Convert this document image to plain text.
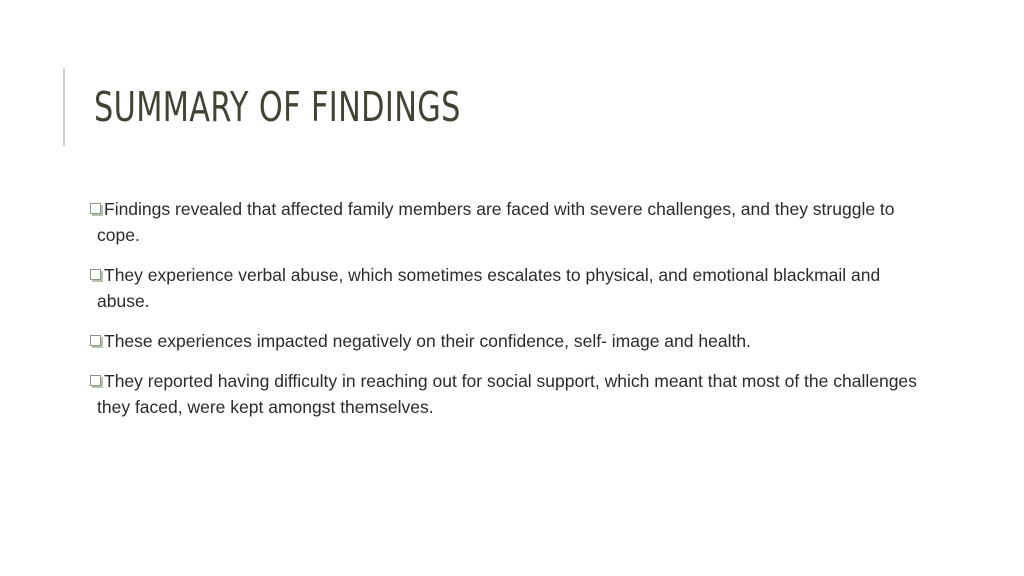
SUMMARY OF FINDINGS
Findings revealed that affected family members are faced with severe challenges, and they struggle to cope.
They experience verbal abuse, which sometimes escalates to physical, and emotional blackmail and abuse.
These experiences impacted negatively on their confidence, self- image and health.
They reported having difficulty in reaching out for social support, which meant that most of the challenges they faced, were kept amongst themselves.
